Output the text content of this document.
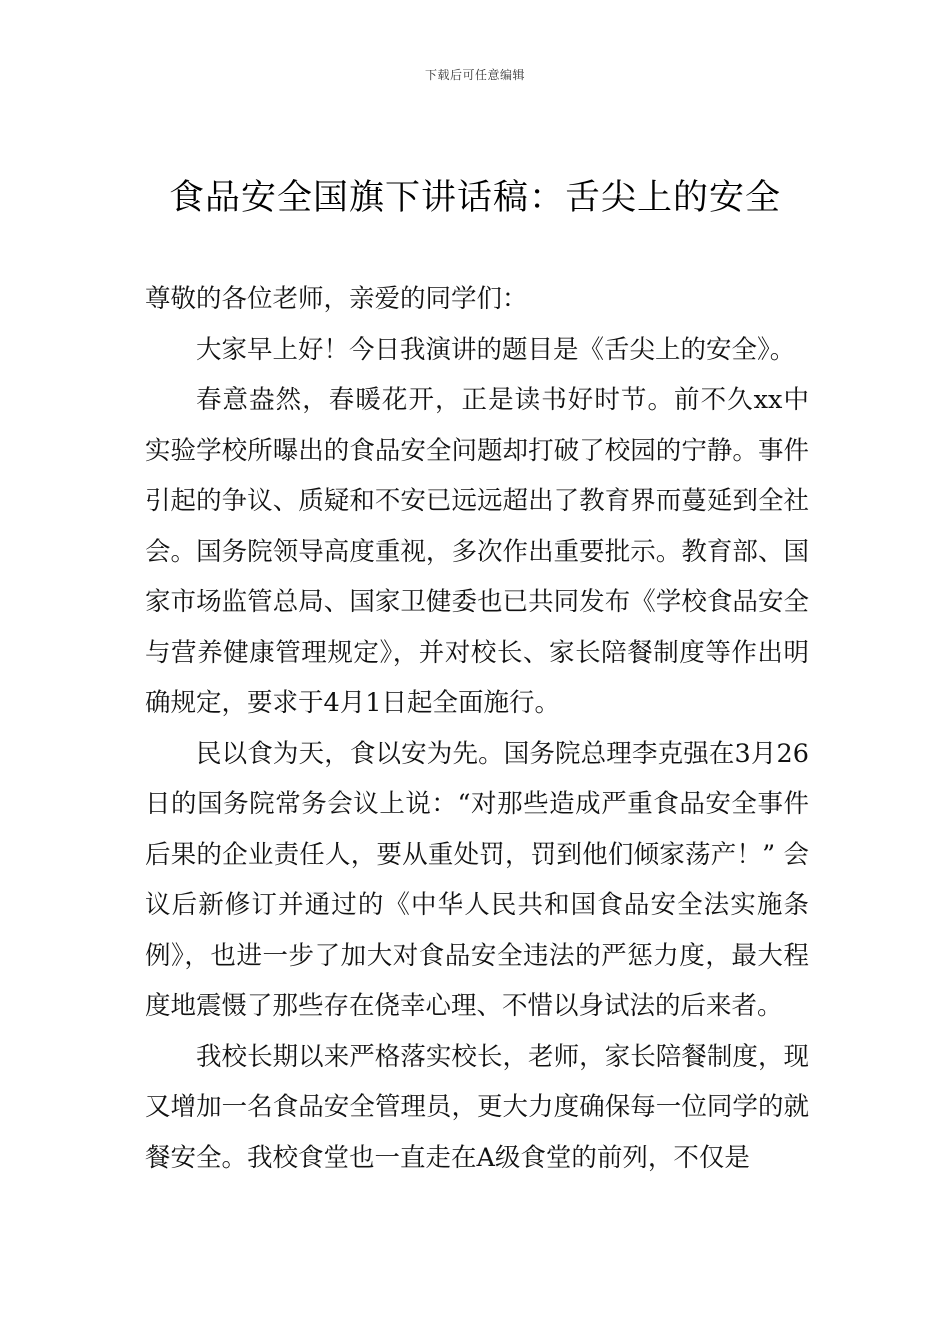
下载后可任意编辑
食品安全国旗下讲话稿：舌尖上的安全

尊敬的各位老师，亲爱的同学们：

大家早上好！今日我演讲的题目是《舌尖上的安全》。

春意盎然，春暖花开，正是读书好时节。前不久xx中实验学校所曝出的食品安全问题却打破了校园的宁静。事件引起的争议、质疑和不安已远远超出了教育界而蔓延到全社会。国务院领导高度重视，多次作出重要批示。教育部、国家市场监管总局、国家卫健委也已共同发布《学校食品安全与营养健康管理规定》，并对校长、家长陪餐制度等作出明确规定，要求于4月1日起全面施行。

民以食为天，食以安为先。国务院总理李克强在3月26日的国务院常务会议上说：“对那些造成严重食品安全事件后果的企业责任人，要从重处罚，罚到他们倾家荡产！” 会议后新修订并通过的《中华人民共和国食品安全法实施条例》，也进一步了加大对食品安全违法的严惩力度，最大程度地震慑了那些存在侥幸心理、不惜以身试法的后来者。

我校长期以来严格落实校长，老师，家长陪餐制度，现又增加一名食品安全管理员，更大力度确保每一位同学的就餐安全。我校食堂也一直走在A级食堂的前列，不仅是
